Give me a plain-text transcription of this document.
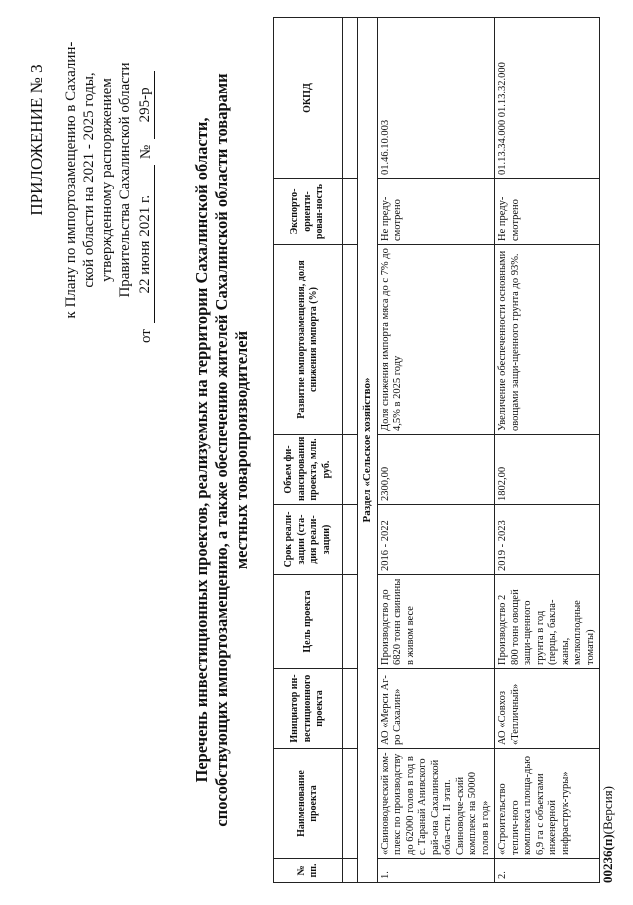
ПРИЛОЖЕНИЕ № 3 к Плану по импортозамещению в Сахалин- ской области на 2021 - 2025 годы, утвержденному распоряжением Правительства Сахалинской области
от
22 июня 2021 г.
№
295-р
Перечень инвестиционных проектов, реализуемых на территории Сахалинской области, способствующих импортозамещению, а также обеспечению жителей Сахалинской области товарами местных товаропроизводителей
№ пп.	Наименование проекта	Инициатор ин-вестиционного проекта	Цель проекта	Срок реали-зации (ста-дия реали-зации)	Объем фи-нансирования проекта, млн. руб.	Развитие импортозамещения, доля снижения импорта (%)	Экспорто-ориенти-рован-ность	ОКПД

Раздел «Сельское хозяйство»								
1.	«Свиноводческий ком-плекс по производству до 62000 голов в год в с. Таранай Анивского рай-она Сахалинской обла-сти. II этап. Свиноводче-ский комплекс на 50000 голов в год»	АО «Мерси Аг-ро Сахалин»	Производство до 6820 тонн свинины в живом весе	2016 - 2022	2300,00	Доля снижения импорта мяса до с 7% до 4,5% в 2025 году	Не преду-смотрено	01.46.10.003
2.	«Строительство теплич-ного комплекса площа-дью 6,9 га с объектами инженерной инфраструк-туры»	АО «Совхоз «Тепличный»	Производство 2 800 тонн овощей защи-щенного грунта в год (перцы, бакла-жаны, мелкоплодные томаты)	2019 - 2023	1802,00	Увеличение обеспеченности основными овощами защи-щенного грунта до 93%.	Не преду-смотрено	01.13.34.000 01.13.32.000
00236(п)(Версия)
